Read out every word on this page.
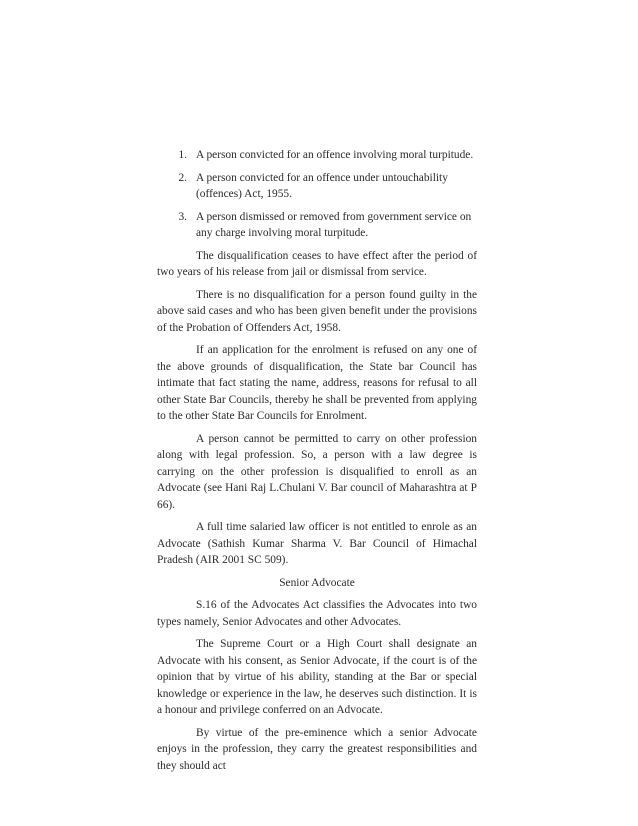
1. A person convicted for an offence involving moral turpitude.
2. A person convicted for an offence under untouchability (offences) Act, 1955.
3. A person dismissed or removed from government service on any charge involving moral turpitude.

The disqualification ceases to have effect after the period of two years of his release from jail or dismissal from service.

There is no disqualification for a person found guilty in the above said cases and who has been given benefit under the provisions of the Probation of Offenders Act, 1958.

If an application for the enrolment is refused on any one of the above grounds of disqualification, the State bar Council has intimate that fact stating the name, address, reasons for refusal to all other State Bar Councils, thereby he shall be prevented from applying to the other State Bar Councils for Enrolment.

A person cannot be permitted to carry on other profession along with legal profession. So, a person with a law degree is carrying on the other profession is disqualified to enroll as an Advocate (see Hani Raj L.Chulani V. Bar council of Maharashtra at P 66).

A full time salaried law officer is not entitled to enrole as an Advocate (Sathish Kumar Sharma V. Bar Council of Himachal Pradesh (AIR 2001 SC 509).

Senior Advocate

S.16 of the Advocates Act classifies the Advocates into two types namely, Senior Advocates and other Advocates.

The Supreme Court or a High Court shall designate an Advocate with his consent, as Senior Advocate, if the court is of the opinion that by virtue of his ability, standing at the Bar or special knowledge or experience in the law, he deserves such distinction. It is a honour and privilege conferred on an Advocate.

By virtue of the pre-eminence which a senior Advocate enjoys in the profession, they carry the greatest responsibilities and they should act
